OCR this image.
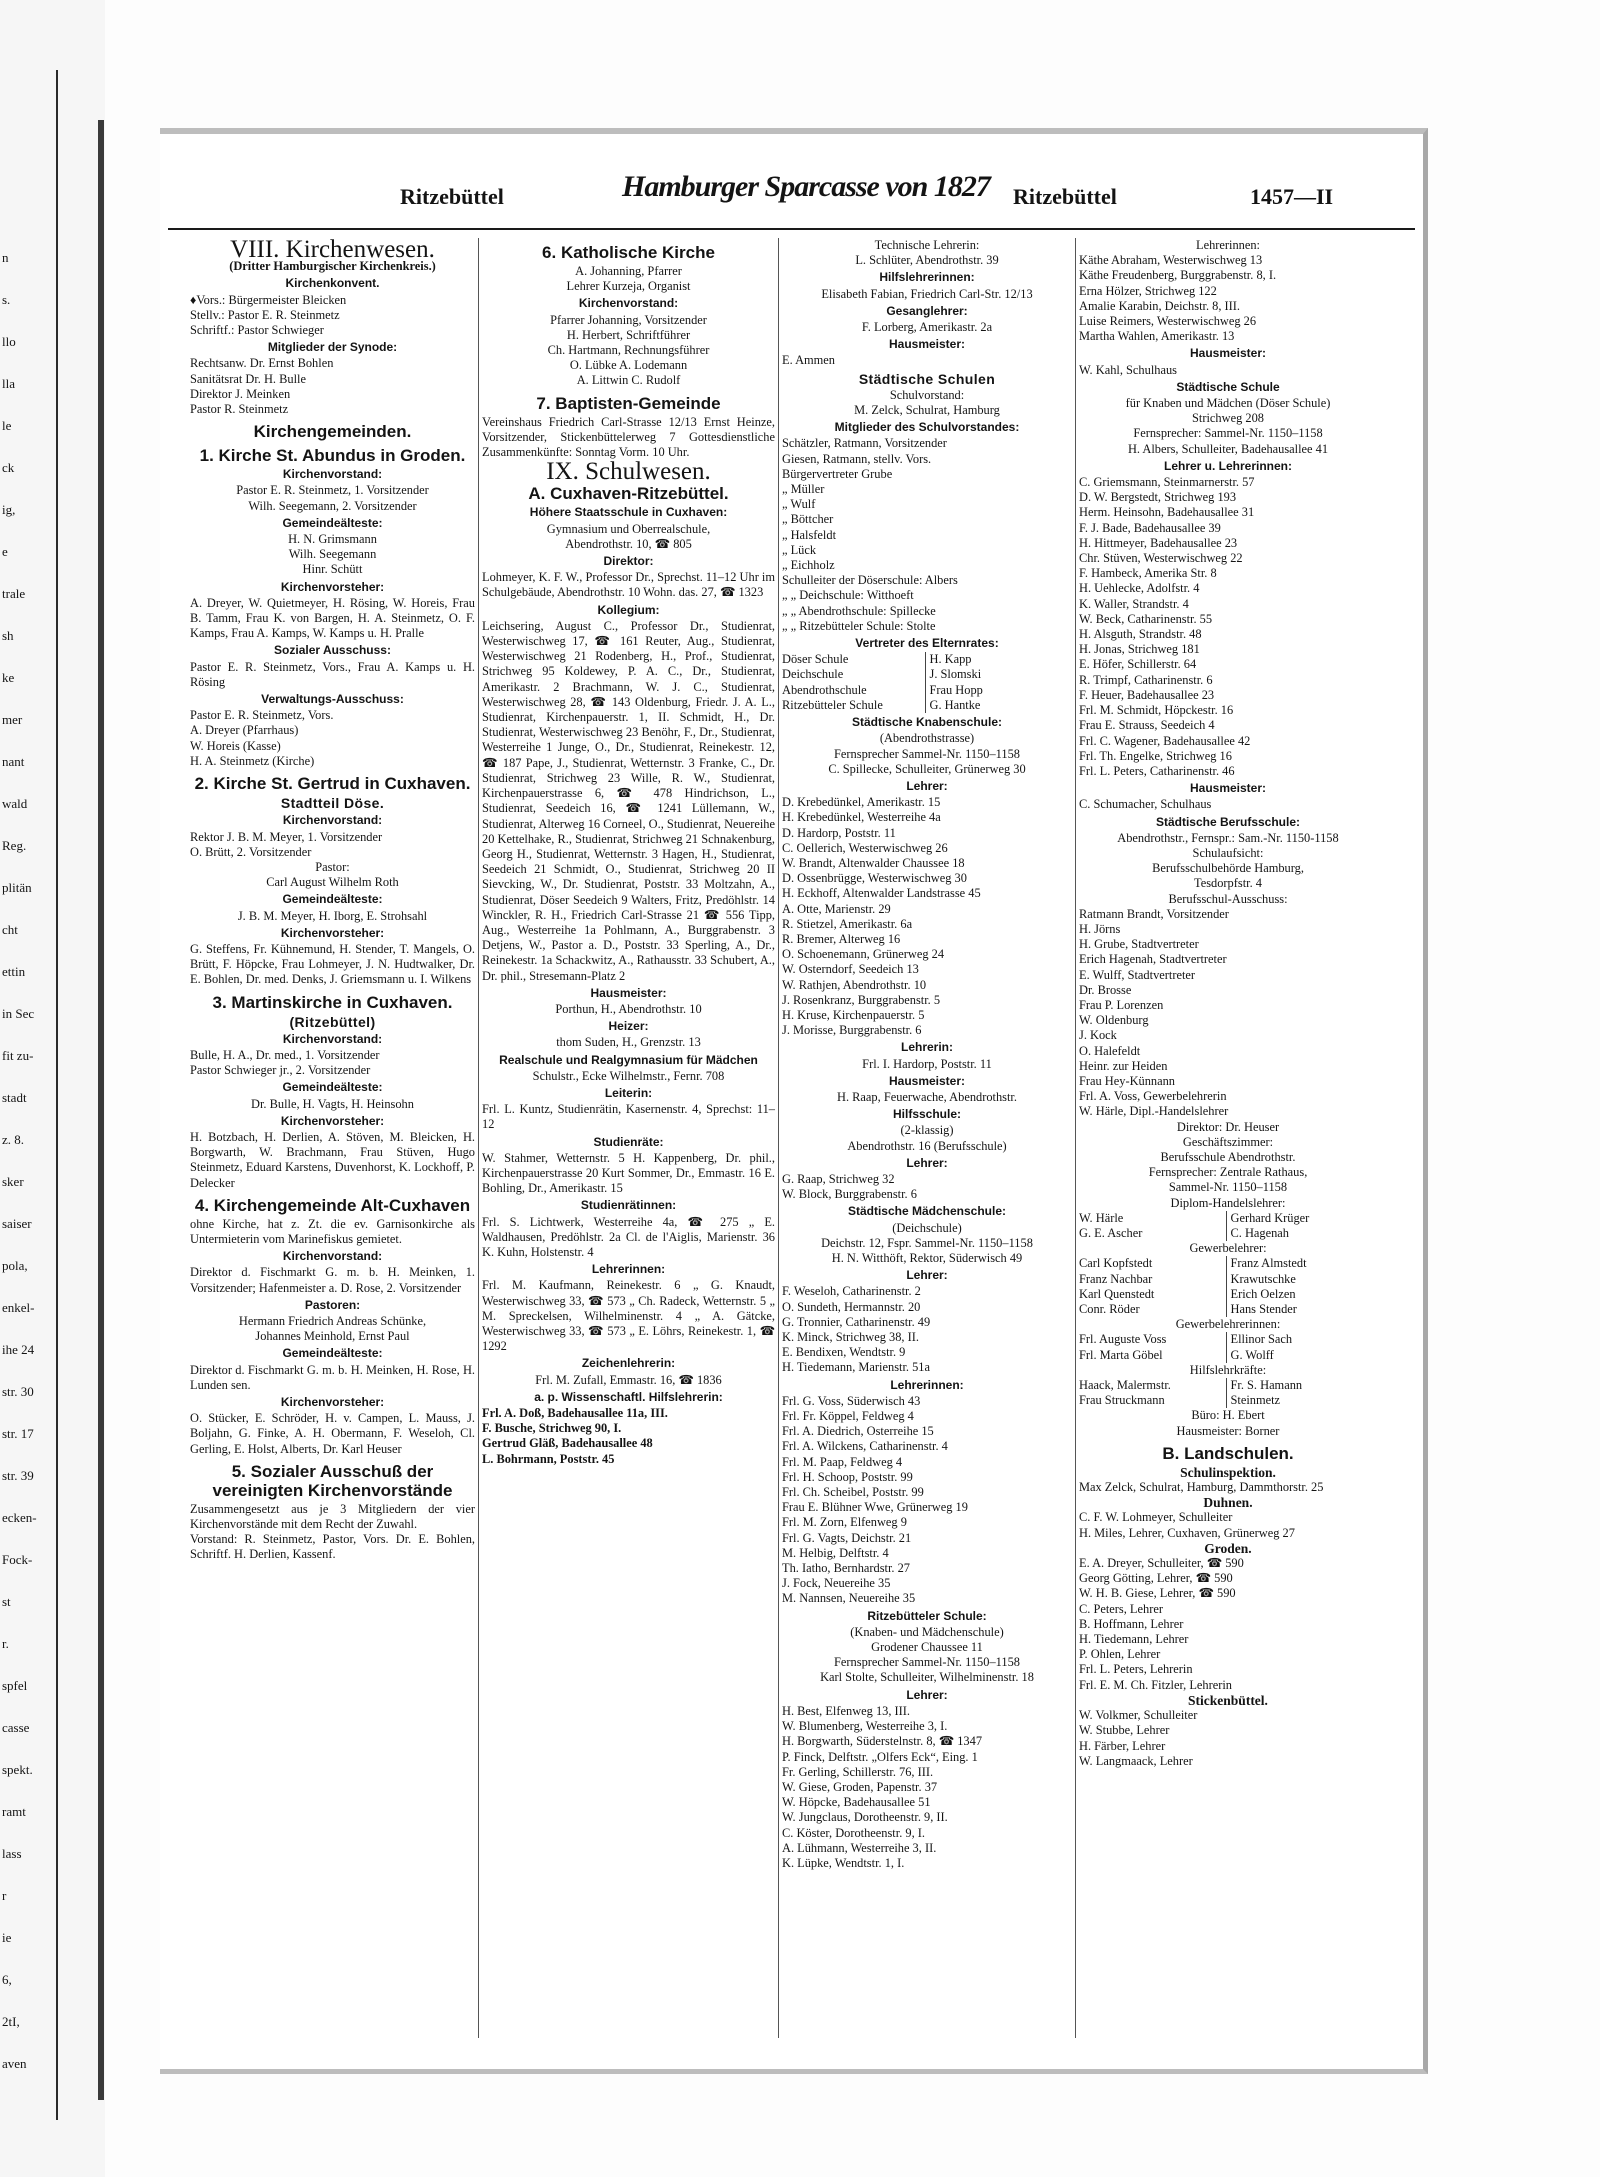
n
s.
llo
lla
le
ck
ig,
e
trale
sh
ke
mer
nant
wald
Reg.
plitän
cht
ettin
in Sec
fit zu-
stadt
z. 8.
sker
saiser
pola,
enkel-
ihe 24
str. 30
str. 17
str. 39
ecken-
Fock-
st
r.
spfel
casse
spekt.
ramt
lass
r
ie
6,
2tI,
aven
Ritzebüttel	Hamburger Sparcasse von 1827 Ritzebüttel	1457—II
VIII. Kirchenwesen.
(Dritter Hamburgischer Kirchenkreis.)
Kirchenkonvent.
♦Vors.: Bürgermeister Bleicken
Stellv.: Pastor E. R. Steinmetz
Schriftf.: Pastor Schwieger
Mitglieder der Synode:
Rechtsanw. Dr. Ernst Bohlen
Sanitätsrat Dr. H. Bulle
Direktor J. Meinken
Pastor R. Steinmetz
Kirchengemeinden.
1. Kirche St. Abundus in Groden.
Kirchenvorstand:
Pastor E. R. Steinmetz, 1. Vorsitzender
Wilh. Seegemann, 2. Vorsitzender
Gemeindeälteste:
H. N. Grimsmann
Wilh. Seegemann
Hinr. Schütt
Kirchenvorsteher:
A. Dreyer, W. Quietmeyer, H. Rösing, W. Horeis, Frau B. Tamm, Frau K. von Bargen, H. A. Steinmetz, O. F. Kamps, Frau A. Kamps, W. Kamps u. H. Pralle
Sozialer Ausschuss:
Pastor E. R. Steinmetz, Vors., Frau A. Kamps u. H. Rösing
Verwaltungs-Ausschuss:
Pastor E. R. Steinmetz, Vors.
A. Dreyer (Pfarrhaus)
W. Horeis (Kasse)
H. A. Steinmetz (Kirche)
2. Kirche St. Gertrud in Cuxhaven.
Stadtteil Döse.
Kirchenvorstand:
Rektor J. B. M. Meyer, 1. Vorsitzender
O. Brütt, 2. Vorsitzender
Pastor:
Carl August Wilhelm Roth
Gemeindeälteste:
J. B. M. Meyer, H. Iborg, E. Strohsahl
Kirchenvorsteher:
G. Steffens, Fr. Kühnemund, H. Stender, T. Mangels, O. Brütt, F. Höpcke, Frau Lohmeyer, J. N. Hudtwalker, Dr. E. Bohlen, Dr. med. Denks, J. Griemsmann u. I. Wilkens
3. Martinskirche in Cuxhaven.
(Ritzebüttel)
Kirchenvorstand:
Bulle, H. A., Dr. med., 1. Vorsitzender
Pastor Schwieger jr., 2. Vorsitzender
Gemeindeälteste:
Dr. Bulle, H. Vagts, H. Heinsohn
Kirchenvorsteher:
H. Botzbach, H. Derlien, A. Stöven, M. Bleicken, H. Borgwarth, W. Brachmann, Frau Stüven, Hugo Steinmetz, Eduard Karstens, Duvenhorst, K. Lockhoff, P. Delecker
4. Kirchengemeinde Alt-Cuxhaven
ohne Kirche, hat z. Zt. die ev. Garnisonkirche als Untermieterin vom Marinefiskus gemietet.
Kirchenvorstand:
Direktor d. Fischmarkt G. m. b. H. Meinken, 1. Vorsitzender; Hafenmeister a. D. Rose, 2. Vorsitzender
Pastoren:
Hermann Friedrich Andreas Schünke,
Johannes Meinhold, Ernst Paul
Gemeindeälteste:
Direktor d. Fischmarkt G. m. b. H. Meinken, H. Rose, H. Lunden sen.
Kirchenvorsteher:
O. Stücker, E. Schröder, H. v. Campen, L. Mauss, J. Boljahn, G. Finke, A. H. Obermann, F. Weseloh, Cl. Gerling, E. Holst, Alberts, Dr. Karl Heuser
5. Sozialer Ausschuß der vereinigten Kirchenvorstände
Zusammengesetzt aus je 3 Mitgliedern der vier Kirchenvorstände mit dem Recht der Zuwahl.
Vorstand: R. Steinmetz, Pastor, Vors. Dr. E. Bohlen, Schriftf. H. Derlien, Kassenf.
6. Katholische Kirche
A. Johanning, Pfarrer
Lehrer Kurzeja, Organist
Kirchenvorstand:
Pfarrer Johanning, Vorsitzender
H. Herbert, Schriftführer
Ch. Hartmann, Rechnungsführer
O. Lübke A. Lodemann
A. Littwin C. Rudolf
7. Baptisten-Gemeinde
Vereinshaus Friedrich Carl-Strasse 12/13 Ernst Heinze, Vorsitzender, Stickenbüttelerweg 7 Gottesdienstliche Zusammenkünfte: Sonntag Vorm. 10 Uhr.
IX. Schulwesen.
A. Cuxhaven-Ritzebüttel.
Höhere Staatsschule in Cuxhaven:
Gymnasium und Oberrealschule,
Abendrothstr. 10, ☎ 805
Direktor:
Lohmeyer, K. F. W., Professor Dr., Sprechst. 11–12 Uhr im Schulgebäude, Abendrothstr. 10 Wohn. das. 27, ☎ 1323
Kollegium:
Leichsering, August C., Professor Dr., Studienrat, Westerwischweg 17, ☎ 161 Reuter, Aug., Studienrat, Westerwischweg 21 Rodenberg, H., Prof., Studienrat, Strichweg 95 Koldewey, P. A. C., Dr., Studienrat, Amerikastr. 2 Brachmann, W. J. C., Studienrat, Westerwischweg 28, ☎ 143 Oldenburg, Friedr. J. A. L., Studienrat, Kirchenpauerstr. 1, II. Schmidt, H., Dr. Studienrat, Westerwischweg 23 Benöhr, F., Dr., Studienrat, Westerreihe 1 Junge, O., Dr., Studienrat, Reinekestr. 12, ☎ 187 Pape, J., Studienrat, Wetternstr. 3 Franke, C., Dr. Studienrat, Strichweg 23 Wille, R. W., Studienrat, Kirchenpauerstrasse 6, ☎ 478 Hindrichson, L., Studienrat, Seedeich 16, ☎ 1241 Lüllemann, W., Studienrat, Alterweg 16 Corneel, O., Studienrat, Neuereihe 20 Kettelhake, R., Studienrat, Strichweg 21 Schnakenburg, Georg H., Studienrat, Wetternstr. 3 Hagen, H., Studienrat, Seedeich 21 Schmidt, O., Studienrat, Strichweg 20 II Sievcking, W., Dr. Studienrat, Poststr. 33 Moltzahn, A., Studienrat, Döser Seedeich 9 Walters, Fritz, Predöhlstr. 14 Winckler, R. H., Friedrich Carl-Strasse 21 ☎ 556 Tipp, Aug., Westerreihe 1a Pohlmann, A., Burggrabenstr. 3 Detjens, W., Pastor a. D., Poststr. 33 Sperling, A., Dr., Reinekestr. 1a Schackwitz, A., Rathausstr. 33 Schubert, A., Dr. phil., Stresemann-Platz 2
Hausmeister:
Porthun, H., Abendrothstr. 10
Heizer:
thom Suden, H., Grenzstr. 13
Realschule und Realgymnasium für Mädchen
Schulstr., Ecke Wilhelmstr., Fernr. 708
Leiterin:
Frl. L. Kuntz, Studienrätin, Kasernenstr. 4, Sprechst: 11–12
Studienräte:
W. Stahmer, Wetternstr. 5 H. Kappenberg, Dr. phil., Kirchenpauerstrasse 20 Kurt Sommer, Dr., Emmastr. 16 E. Bohling, Dr., Amerikastr. 15
Studienrätinnen:
Frl. S. Lichtwerk, Westerreihe 4a, ☎ 275 „ E. Waldhausen, Predöhlstr. 2a Cl. de l'Aiglis, Marienstr. 36 K. Kuhn, Holstenstr. 4
Lehrerinnen:
Frl. M. Kaufmann, Reinekestr. 6 „ G. Knaudt, Westerwischweg 33, ☎ 573 „ Ch. Radeck, Wetternstr. 5 „ M. Spreckelsen, Wilhelminenstr. 4 „ A. Gätcke, Westerwischweg 33, ☎ 573 „ E. Löhrs, Reinekestr. 1, ☎ 1292
Zeichenlehrerin:
Frl. M. Zufall, Emmastr. 16, ☎ 1836
a. p. Wissenschaftl. Hilfslehrerin:
Frl. A. Doß, Badehausallee 11a, III.
F. Busche, Strichweg 90, I.
Gertrud Gläß, Badehausallee 48
L. Bohrmann, Poststr. 45
Technische Lehrerin:
L. Schlüter, Abendrothstr. 39
Hilfslehrerinnen:
Elisabeth Fabian, Friedrich Carl-Str. 12/13
Gesanglehrer:
F. Lorberg, Amerikastr. 2a
Hausmeister:
E. Ammen
Städtische Schulen
Schulvorstand:
M. Zelck, Schulrat, Hamburg
Mitglieder des Schulvorstandes:
Schätzler, Ratmann, Vorsitzender
Giesen, Ratmann, stellv. Vors.
Bürgervertreter Grube
„ Müller
„ Wulf
„ Böttcher
„ Halsfeldt
„ Lück
„ Eichholz
Schulleiter der Döserschule: Albers
„ „ Deichschule: Witthoeft
„ „ Abendrothschule: Spillecke
„ „ Ritzebütteler Schule: Stolte
Vertreter des Elternrates:
Döser Schule	H. Kapp
Deichschule	J. Slomski
Abendrothschule	Frau Hopp
Ritzebütteler Schule	G. Hantke
Städtische Knabenschule:
(Abendrothstrasse)
Fernsprecher Sammel-Nr. 1150–1158
C. Spillecke, Schulleiter, Grünerweg 30
Lehrer:
D. Krebedünkel, Amerikastr. 15
H. Krebedünkel, Westerreihe 4a
D. Hardorp, Poststr. 11
C. Oellerich, Westerwischweg 26
W. Brandt, Altenwalder Chaussee 18
D. Ossenbrügge, Westerwischweg 30
H. Eckhoff, Altenwalder Landstrasse 45
A. Otte, Marienstr. 29
R. Stietzel, Amerikastr. 6a
R. Bremer, Alterweg 16
O. Schoenemann, Grünerweg 24
W. Osterndorf, Seedeich 13
W. Rathjen, Abendrothstr. 10
J. Rosenkranz, Burggrabenstr. 5
H. Kruse, Kirchenpauerstr. 5
J. Morisse, Burggrabenstr. 6
Lehrerin:
Frl. I. Hardorp, Poststr. 11
Hausmeister:
H. Raap, Feuerwache, Abendrothstr.
Hilfsschule:
(2-klassig)
Abendrothstr. 16 (Berufsschule)
Lehrer:
G. Raap, Strichweg 32
W. Block, Burggrabenstr. 6
Städtische Mädchenschule:
(Deichschule)
Deichstr. 12, Fspr. Sammel-Nr. 1150–1158
H. N. Witthöft, Rektor, Süderwisch 49
Lehrer:
F. Weseloh, Catharinenstr. 2
O. Sundeth, Hermannstr. 20
G. Tronnier, Catharinenstr. 49
K. Minck, Strichweg 38, II.
E. Bendixen, Wendtstr. 9
H. Tiedemann, Marienstr. 51a
Lehrerinnen:
Frl. G. Voss, Süderwisch 43
Frl. Fr. Köppel, Feldweg 4
Frl. A. Diedrich, Osterreihe 15
Frl. A. Wilckens, Catharinenstr. 4
Frl. M. Paap, Feldweg 4
Frl. H. Schoop, Poststr. 99
Frl. Ch. Scheibel, Poststr. 99
Frau E. Blühner Wwe, Grünerweg 19
Frl. M. Zorn, Elfenweg 9
Frl. G. Vagts, Deichstr. 21
M. Helbig, Delftstr. 4
Th. Iatho, Bernhardstr. 27
J. Fock, Neuereihe 35
M. Nannsen, Neuereihe 35
Ritzebütteler Schule:
(Knaben- und Mädchenschule)
Grodener Chaussee 11
Fernsprecher Sammel-Nr. 1150–1158
Karl Stolte, Schulleiter, Wilhelminenstr. 18
Lehrer:
H. Best, Elfenweg 13, III.
W. Blumenberg, Westerreihe 3, I.
H. Borgwarth, Süderstelnstr. 8, ☎ 1347
P. Finck, Delftstr. „Olfers Eck“, Eing. 1
Fr. Gerling, Schillerstr. 76, III.
W. Giese, Groden, Papenstr. 37
W. Höpcke, Badehausallee 51
W. Jungclaus, Dorotheenstr. 9, II.
C. Köster, Dorotheenstr. 9, I.
A. Lühmann, Westerreihe 3, II.
K. Lüpke, Wendtstr. 1, I.
Lehrerinnen:
Käthe Abraham, Westerwischweg 13
Käthe Freudenberg, Burggrabenstr. 8, I.
Erna Hölzer, Strichweg 122
Amalie Karabin, Deichstr. 8, III.
Luise Reimers, Westerwischweg 26
Martha Wahlen, Amerikastr. 13
Hausmeister:
W. Kahl, Schulhaus
Städtische Schule
für Knaben und Mädchen (Döser Schule)
Strichweg 208
Fernsprecher: Sammel-Nr. 1150–1158
H. Albers, Schulleiter, Badehausallee 41
Lehrer u. Lehrerinnen:
C. Griemsmann, Steinmarnerstr. 57
D. W. Bergstedt, Strichweg 193
Herm. Heinsohn, Badehausallee 31
F. J. Bade, Badehausallee 39
H. Hittmeyer, Badehausallee 23
Chr. Stüven, Westerwischweg 22
F. Hambeck, Amerika Str. 8
H. Uehlecke, Adolfstr. 4
K. Waller, Strandstr. 4
W. Beck, Catharinenstr. 55
H. Alsguth, Strandstr. 48
H. Jonas, Strichweg 181
E. Höfer, Schillerstr. 64
R. Trimpf, Catharinenstr. 6
F. Heuer, Badehausallee 23
Frl. M. Schmidt, Höpckestr. 16
Frau E. Strauss, Seedeich 4
Frl. C. Wagener, Badehausallee 42
Frl. Th. Engelke, Strichweg 16
Frl. L. Peters, Catharinenstr. 46
Hausmeister:
C. Schumacher, Schulhaus
Städtische Berufsschule:
Abendrothstr., Fernspr.: Sam.-Nr. 1150-1158
Schulaufsicht:
Berufsschulbehörde Hamburg,
Tesdorpfstr. 4
Berufsschul-Ausschuss:
Ratmann Brandt, Vorsitzender
H. Jörns
H. Grube, Stadtvertreter
Erich Hagenah, Stadtvertreter
E. Wulff, Stadtvertreter
Dr. Brosse
Frau P. Lorenzen
W. Oldenburg
J. Kock
O. Halefeldt
Heinr. zur Heiden
Frau Hey-Künnann
Frl. A. Voss, Gewerbelehrerin
W. Härle, Dipl.-Handelslehrer
Direktor: Dr. Heuser
Geschäftszimmer:
Berufsschule Abendrothstr.
Fernsprecher: Zentrale Rathaus,
Sammel-Nr. 1150–1158
Diplom-Handelslehrer:
W. Härle	Gerhard Krüger
G. E. Ascher	C. Hagenah
Gewerbelehrer:
Carl Kopfstedt	Franz Almstedt
Franz Nachbar	Krawutschke
Karl Quenstedt	Erich Oelzen
Conr. Röder	Hans Stender
Gewerbelehrerinnen:
Frl. Auguste Voss	Ellinor Sach
Frl. Marta Göbel	G. Wolff
Hilfslehrkräfte:
Haack, Malermstr.	Fr. S. Hamann
Frau Struckmann	Steinmetz
Büro: H. Ebert
Hausmeister: Borner
B. Landschulen.
Schulinspektion.
Max Zelck, Schulrat, Hamburg, Dammthorstr. 25
Duhnen.
C. F. W. Lohmeyer, Schulleiter
H. Miles, Lehrer, Cuxhaven, Grünerweg 27
Groden.
E. A. Dreyer, Schulleiter, ☎ 590
Georg Götting, Lehrer, ☎ 590
W. H. B. Giese, Lehrer, ☎ 590
C. Peters, Lehrer
B. Hoffmann, Lehrer
H. Tiedemann, Lehrer
P. Ohlen, Lehrer
Frl. L. Peters, Lehrerin
Frl. E. M. Ch. Fitzler, Lehrerin
Stickenbüttel.
W. Volkmer, Schulleiter
W. Stubbe, Lehrer
H. Färber, Lehrer
W. Langmaack, Lehrer
